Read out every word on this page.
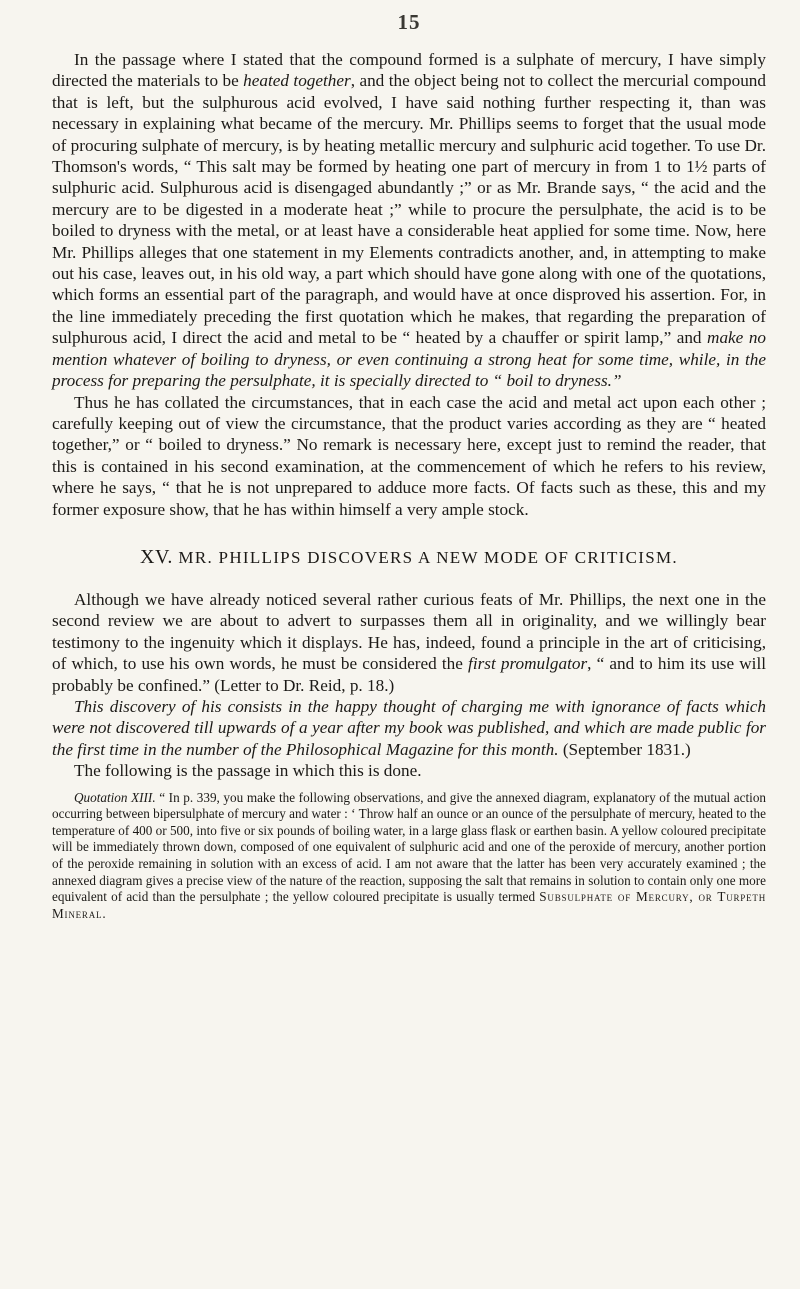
15

In the passage where I stated that the compound formed is a sulphate of mercury, I have simply directed the materials to be heated together, and the object being not to collect the mercurial compound that is left, but the sulphurous acid evolved, I have said nothing further respecting it, than was necessary in explaining what became of the mercury. Mr. Phillips seems to forget that the usual mode of procuring sulphate of mercury, is by heating metallic mercury and sulphuric acid together. To use Dr. Thomson's words, “ This salt may be formed by heating one part of mercury in from 1 to 1½ parts of sulphuric acid. Sulphurous acid is disengaged abundantly ;” or as Mr. Brande says, “ the acid and the mercury are to be digested in a moderate heat ;” while to procure the persulphate, the acid is to be boiled to dryness with the metal, or at least have a considerable heat applied for some time. Now, here Mr. Phillips alleges that one statement in my Elements contradicts another, and, in attempting to make out his case, leaves out, in his old way, a part which should have gone along with one of the quotations, which forms an essential part of the paragraph, and would have at once disproved his assertion. For, in the line immediately preceding the first quotation which he makes, that regarding the preparation of sulphurous acid, I direct the acid and metal to be “ heated by a chauffer or spirit lamp,” and make no mention whatever of boiling to dryness, or even continuing a strong heat for some time, while, in the process for preparing the persulphate, it is specially directed to “ boil to dryness.”

Thus he has collated the circumstances, that in each case the acid and metal act upon each other ; carefully keeping out of view the circumstance, that the product varies according as they are “ heated together,” or “ boiled to dryness.” No remark is necessary here, except just to remind the reader, that this is contained in his second examination, at the commencement of which he refers to his review, where he says, “ that he is not unprepared to adduce more facts. Of facts such as these, this and my former exposure show, that he has within himself a very ample stock.

XV. MR. PHILLIPS DISCOVERS A NEW MODE OF CRITICISM.

Although we have already noticed several rather curious feats of Mr. Phillips, the next one in the second review we are about to advert to surpasses them all in originality, and we willingly bear testimony to the ingenuity which it displays. He has, indeed, found a principle in the art of criticising, of which, to use his own words, he must be considered the first promulgator, “ and to him its use will probably be confined.” (Letter to Dr. Reid, p. 18.)

This discovery of his consists in the happy thought of charging me with ignorance of facts which were not discovered till upwards of a year after my book was published, and which are made public for the first time in the number of the Philosophical Magazine for this month. (September 1831.)

The following is the passage in which this is done.

Quotation XIII. “ In p. 339, you make the following observations, and give the annexed diagram, explanatory of the mutual action occurring between bipersulphate of mercury and water : ‘ Throw half an ounce or an ounce of the persulphate of mercury, heated to the temperature of 400 or 500, into five or six pounds of boiling water, in a large glass flask or earthen basin. A yellow coloured precipitate will be immediately thrown down, composed of one equivalent of sulphuric acid and one of the peroxide of mercury, another portion of the peroxide remaining in solution with an excess of acid. I am not aware that the latter has been very accurately examined ; the annexed diagram gives a precise view of the nature of the reaction, supposing the salt that remains in solution to contain only one more equivalent of acid than the persulphate ; the yellow coloured precipitate is usually termed Subsulphate of Mercury, or Turpeth Mineral.
